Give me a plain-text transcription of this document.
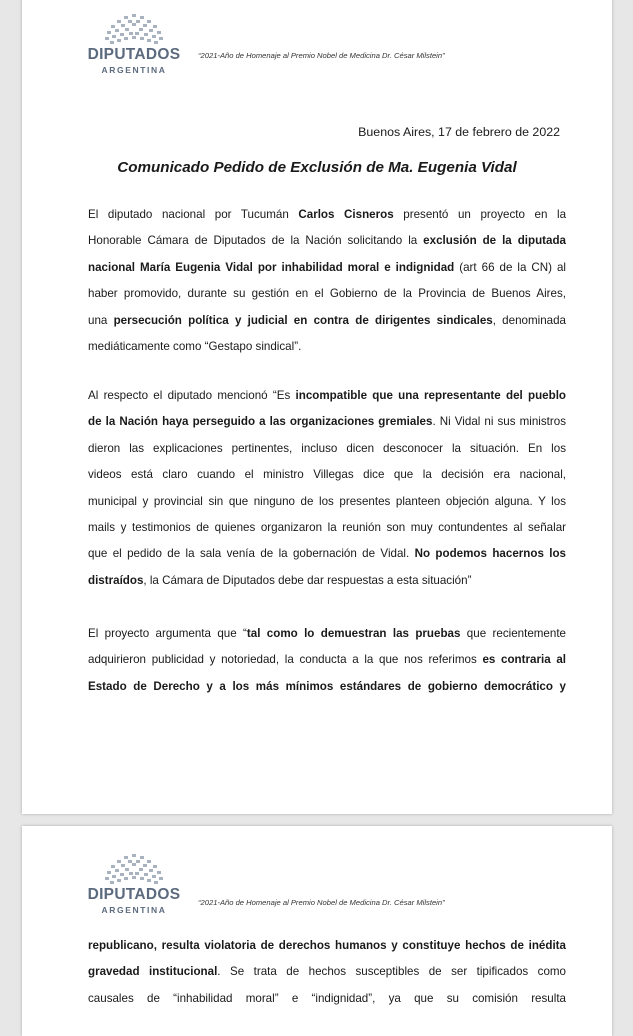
DIPUTADOS
ARGENTINA
“2021-Año de Homenaje al Premio Nobel de Medicina Dr. César Milstein”
Buenos Aires, 17 de febrero de 2022
Comunicado Pedido de Exclusión de Ma. Eugenia Vidal

El diputado nacional por Tucumán Carlos Cisneros presentó un proyecto en la
Honorable Cámara de Diputados de la Nación solicitando la exclusión de la diputada
nacional María Eugenia Vidal por inhabilidad moral e indignidad (art 66 de la CN) al
haber promovido, durante su gestión en el Gobierno de la Provincia de Buenos Aires,
una persecución política y judicial en contra de dirigentes sindicales, denominada
mediáticamente como “Gestapo sindical”.

Al respecto el diputado mencionó “Es incompatible que una representante del pueblo
de la Nación haya perseguido a las organizaciones gremiales. Ni Vidal ni sus ministros
dieron las explicaciones pertinentes, incluso dicen desconocer la situación. En los
videos está claro cuando el ministro Villegas dice que la decisión era nacional,
municipal y provincial sin que ninguno de los presentes planteen objeción alguna. Y los
mails y testimonios de quienes organizaron la reunión son muy contundentes al señalar
que el pedido de la sala venía de la gobernación de Vidal. No podemos hacernos los
distraídos, la Cámara de Diputados debe dar respuestas a esta situación”

El proyecto argumenta que “tal como lo demuestran las pruebas que recientemente
adquirieron publicidad y notoriedad, la conducta a la que nos referimos es contraria al
Estado de Derecho y a los más mínimos estándares de gobierno democrático y

DIPUTADOS
ARGENTINA
“2021-Año de Homenaje al Premio Nobel de Medicina Dr. César Milstein”

republicano, resulta violatoria de derechos humanos y constituye hechos de inédita
gravedad institucional. Se trata de hechos susceptibles de ser tipificados como
causales de “inhabilidad moral” e “indignidad”, ya que su comisión resulta
